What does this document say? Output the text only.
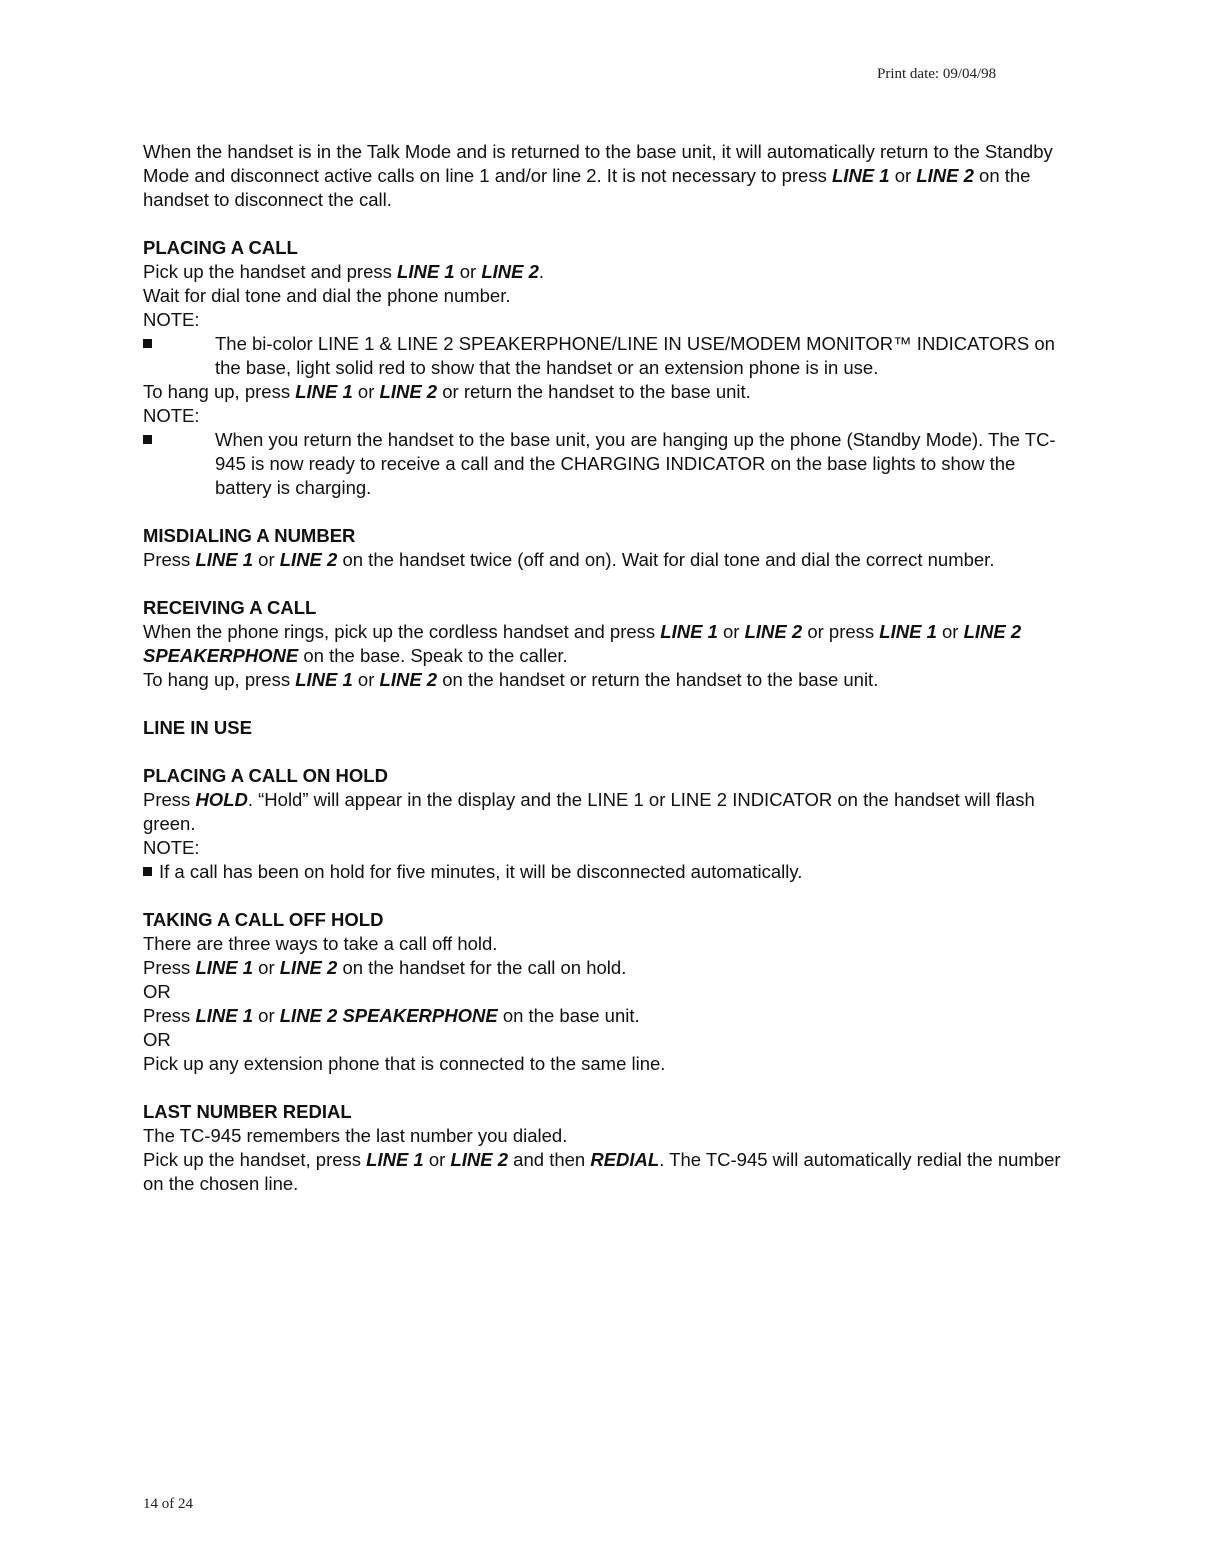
Print date: 09/04/98

When the handset is in the Talk Mode and is returned to the base unit, it will automatically return to the Standby Mode and disconnect active calls on line 1 and/or line 2. It is not necessary to press LINE 1 or LINE 2 on the handset to disconnect the call.

PLACING A CALL

Pick up the handset and press LINE 1 or LINE 2.

Wait for dial tone and dial the phone number.

NOTE:

The bi-color LINE 1 & LINE 2 SPEAKERPHONE/LINE IN USE/MODEM MONITOR™ INDICATORS on the base, light solid red to show that the handset or an extension phone is in use.

To hang up, press LINE 1 or LINE 2 or return the handset to the base unit.

NOTE:

When you return the handset to the base unit, you are hanging up the phone (Standby Mode). The TC-945 is now ready to receive a call and the CHARGING INDICATOR on the base lights to show the battery is charging.
MISDIALING A NUMBER

Press LINE 1 or LINE 2 on the handset twice (off and on). Wait for dial tone and dial the correct number.

RECEIVING A CALL

When the phone rings, pick up the cordless handset and press LINE 1 or LINE 2 or press LINE 1 or LINE 2 SPEAKERPHONE on the base. Speak to the caller.

To hang up, press LINE 1 or LINE 2 on the handset or return the handset to the base unit.

LINE IN USE
PLACING A CALL ON HOLD

Press HOLD. “Hold” will appear in the display and the LINE 1 or LINE 2 INDICATOR on the handset will flash green.

NOTE:

If a call has been on hold for five minutes, it will be disconnected automatically.
TAKING A CALL OFF HOLD

There are three ways to take a call off hold.

Press LINE 1 or LINE 2 on the handset for the call on hold.

OR

Press LINE 1 or LINE 2 SPEAKERPHONE on the base unit.

OR

Pick up any extension phone that is connected to the same line.

LAST NUMBER REDIAL

The TC-945 remembers the last number you dialed.

Pick up the handset, press LINE 1 or LINE 2 and then REDIAL. The TC-945 will automatically redial the number on the chosen line.

14 of 24
